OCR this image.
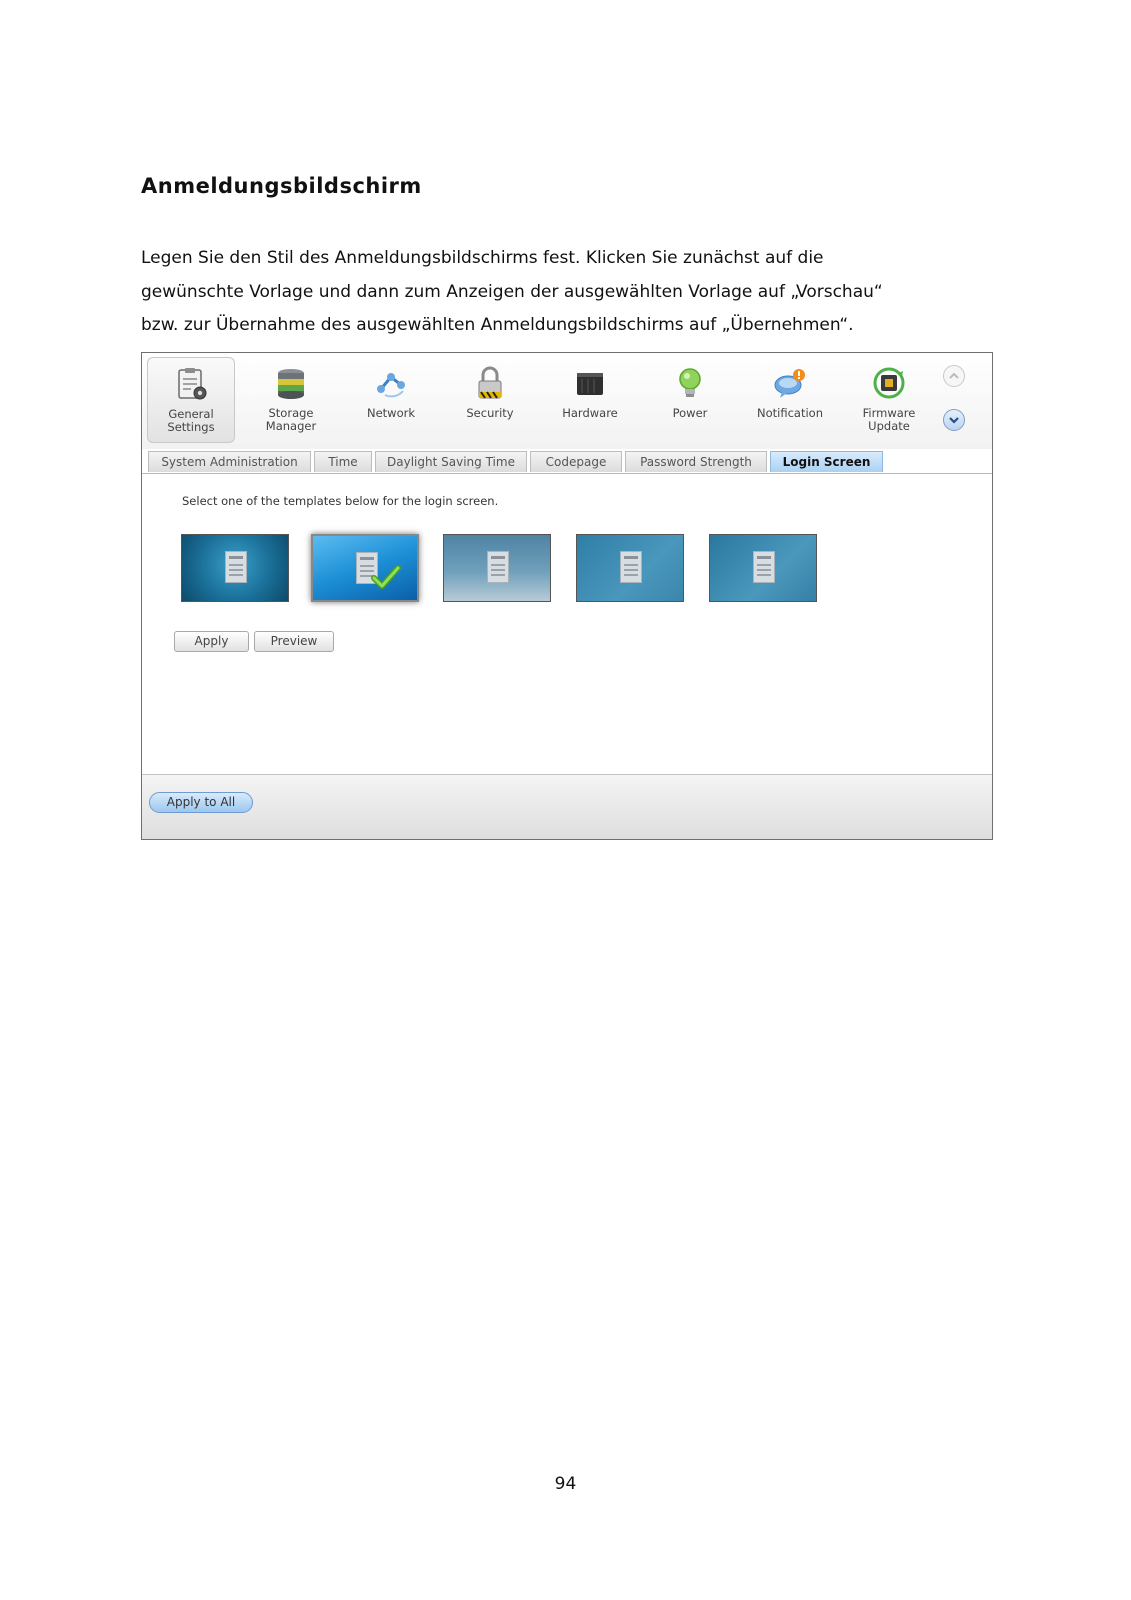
Anmeldungsbildschirm

Legen Sie den Stil des Anmeldungsbildschirms fest. Klicken Sie zunächst auf die
gewünschte Vorlage und dann zum Anzeigen der ausgewählten Vorlage auf „Vorschau“
bzw. zur Übernahme des ausgewählten Anmeldungsbildschirms auf „Übernehmen“.

General
Settings
Storage
Manager
Network	Security	Hardware	Power	Notification	Firmware
Update
System Administration	Time	Daylight Saving Time	Codepage	Password Strength	Login Screen
Select one of the templates below for the login screen.
Apply	Preview
Apply to All
94
